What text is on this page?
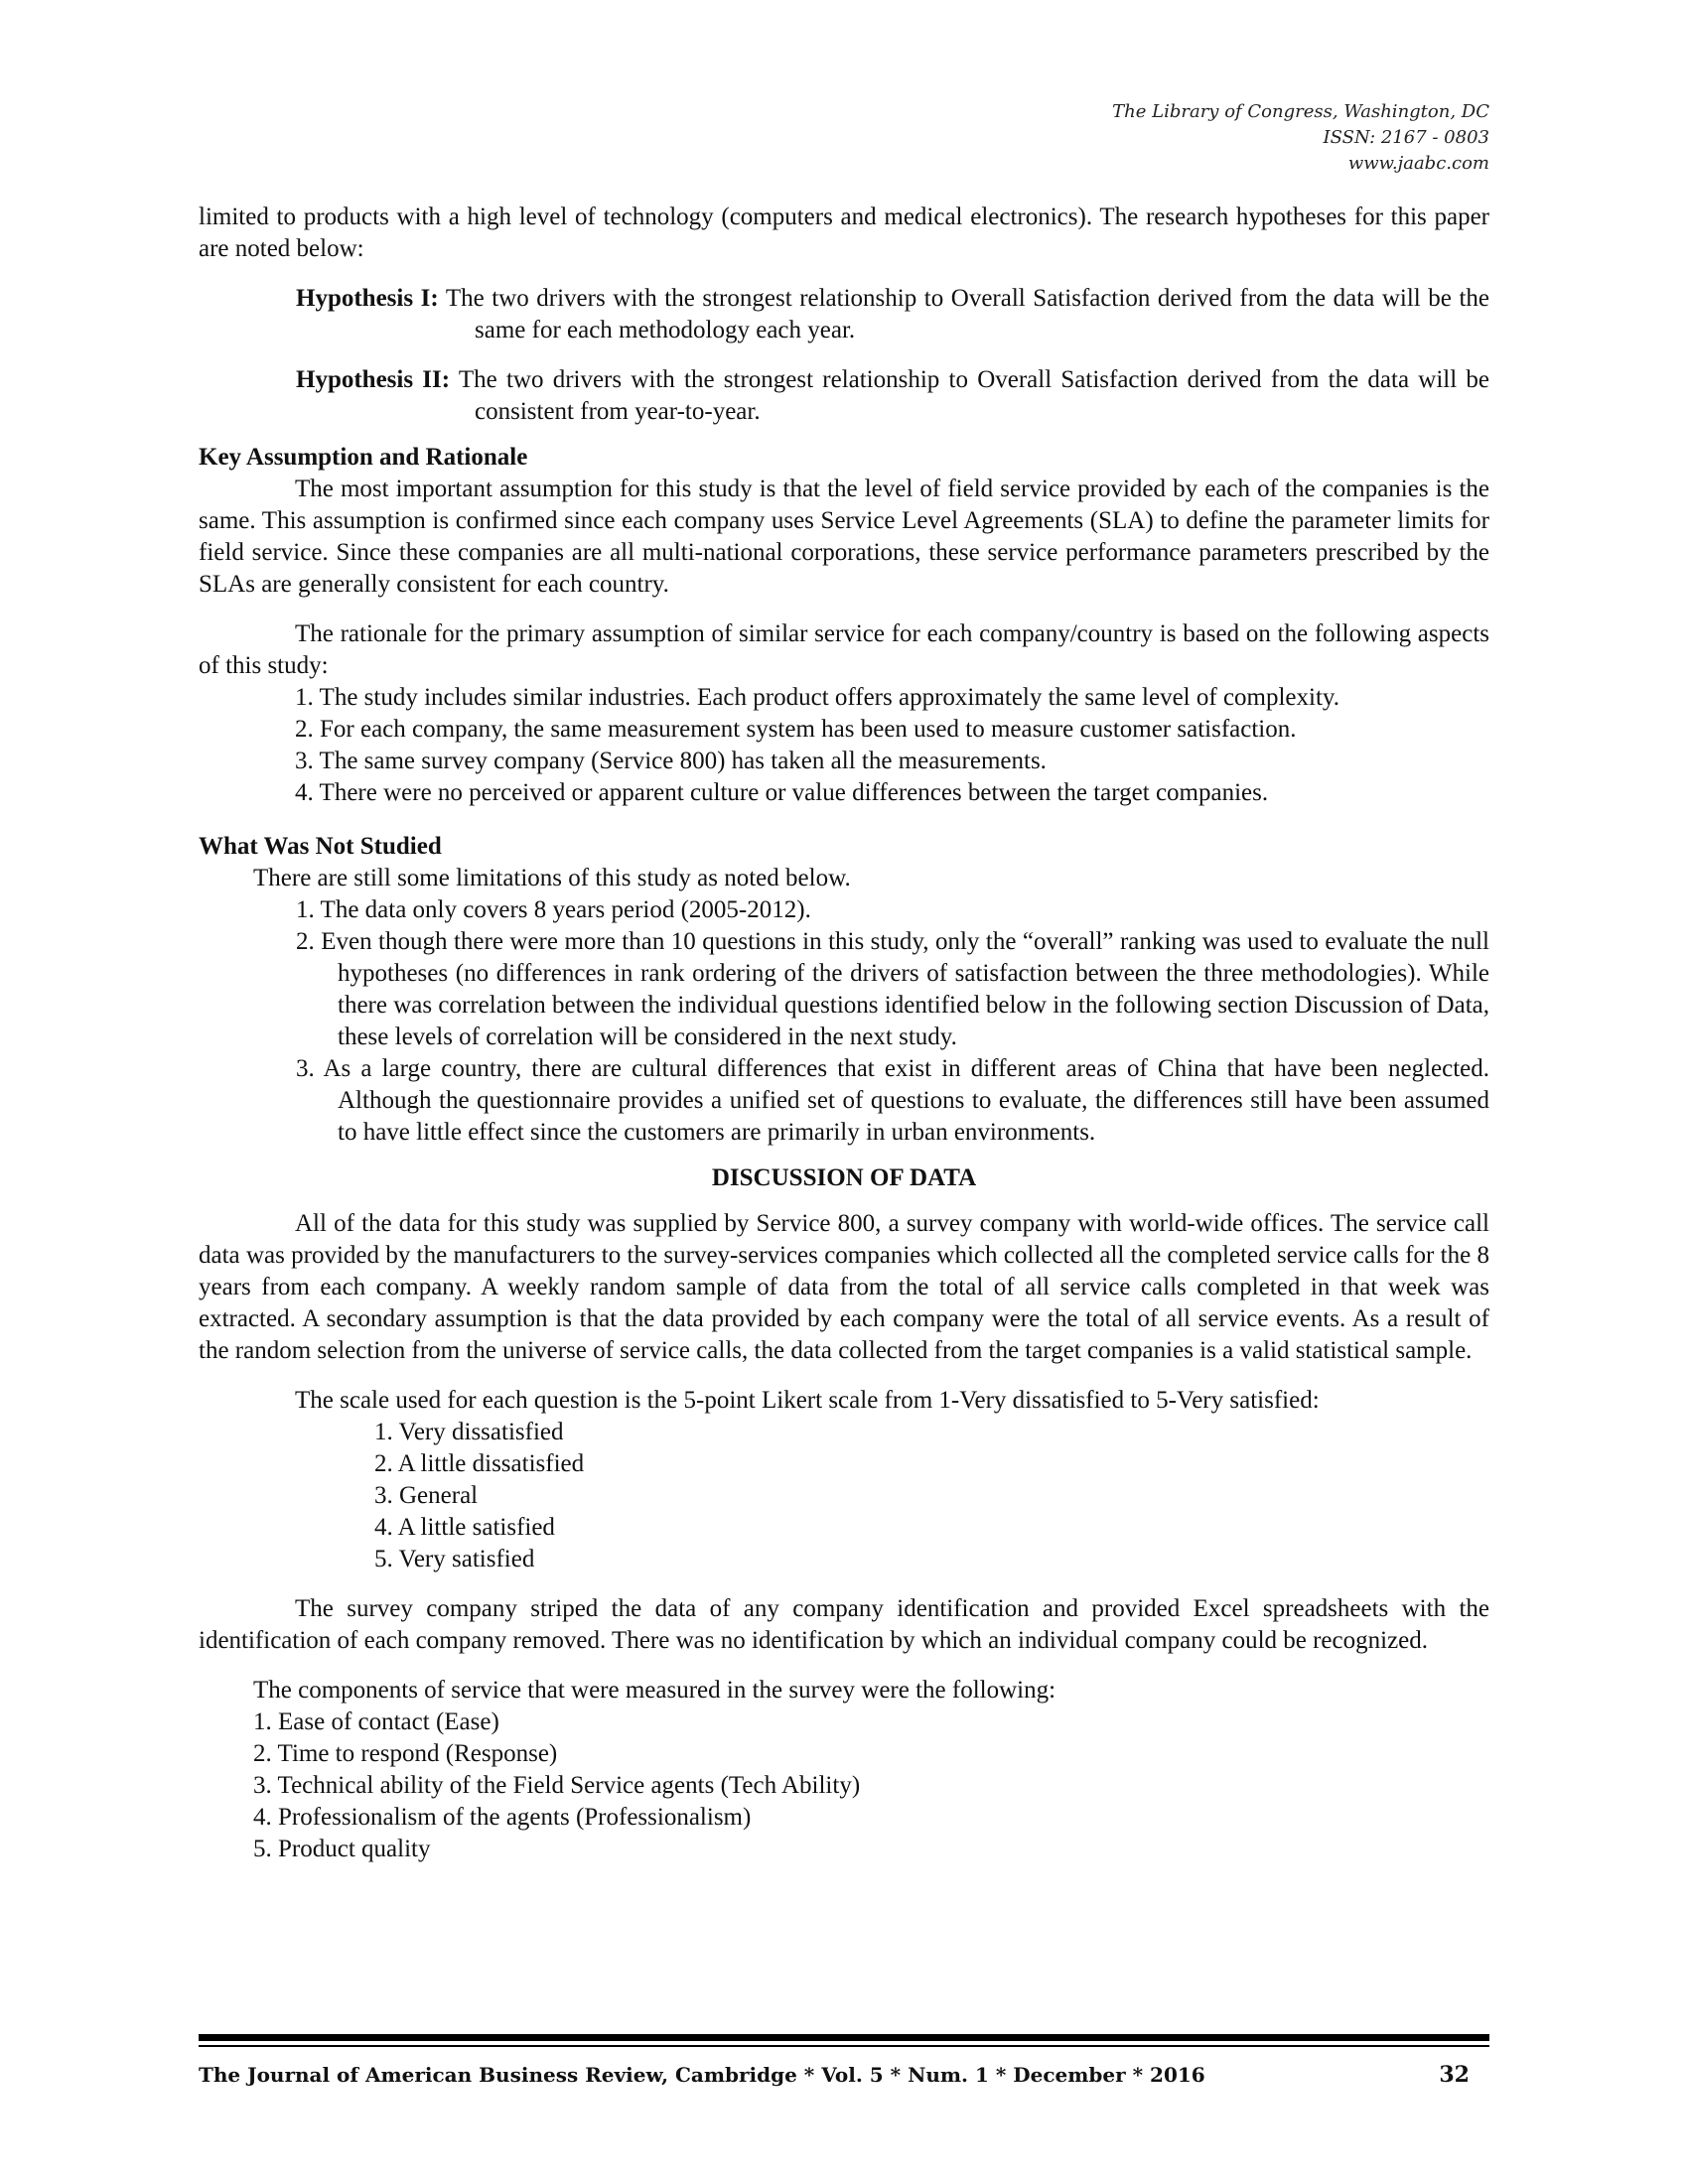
The Library of Congress, Washington, DC
ISSN: 2167 - 0803
www.jaabc.com

limited to products with a high level of technology (computers and medical electronics). The research hypotheses for this paper are noted below:

Hypothesis I: The two drivers with the strongest relationship to Overall Satisfaction derived from the data will be the same for each methodology each year.
Hypothesis II: The two drivers with the strongest relationship to Overall Satisfaction derived from the data will be consistent from year-to-year.
Key Assumption and Rationale

The most important assumption for this study is that the level of field service provided by each of the companies is the same. This assumption is confirmed since each company uses Service Level Agreements (SLA) to define the parameter limits for field service. Since these companies are all multi-national corporations, these service performance parameters prescribed by the SLAs are generally consistent for each country.

The rationale for the primary assumption of similar service for each company/country is based on the following aspects of this study:

1. The study includes similar industries. Each product offers approximately the same level of complexity.
2. For each company, the same measurement system has been used to measure customer satisfaction.
3. The same survey company (Service 800) has taken all the measurements.
4. There were no perceived or apparent culture or value differences between the target companies.
What Was Not Studied

There are still some limitations of this study as noted below.

1. The data only covers 8 years period (2005-2012).
2. Even though there were more than 10 questions in this study, only the “overall” ranking was used to evaluate the null hypotheses (no differences in rank ordering of the drivers of satisfaction between the three methodologies). While there was correlation between the individual questions identified below in the following section Discussion of Data, these levels of correlation will be considered in the next study.
3. As a large country, there are cultural differences that exist in different areas of China that have been neglected. Although the questionnaire provides a unified set of questions to evaluate, the differences still have been assumed to have little effect since the customers are primarily in urban environments.
DISCUSSION OF DATA

All of the data for this study was supplied by Service 800, a survey company with world-wide offices. The service call data was provided by the manufacturers to the survey-services companies which collected all the completed service calls for the 8 years from each company. A weekly random sample of data from the total of all service calls completed in that week was extracted. A secondary assumption is that the data provided by each company were the total of all service events. As a result of the random selection from the universe of service calls, the data collected from the target companies is a valid statistical sample.

The scale used for each question is the 5-point Likert scale from 1-Very dissatisfied to 5-Very satisfied:

1. Very dissatisfied
2. A little dissatisfied
3. General
4. A little satisfied
5. Very satisfied

The survey company striped the data of any company identification and provided Excel spreadsheets with the identification of each company removed. There was no identification by which an individual company could be recognized.

The components of service that were measured in the survey were the following:

1. Ease of contact (Ease)
2. Time to respond (Response)
3. Technical ability of the Field Service agents (Tech Ability)
4. Professionalism of the agents (Professionalism)
5. Product quality
The Journal of American Business Review, Cambridge * Vol. 5 * Num. 1 * December * 2016	32
